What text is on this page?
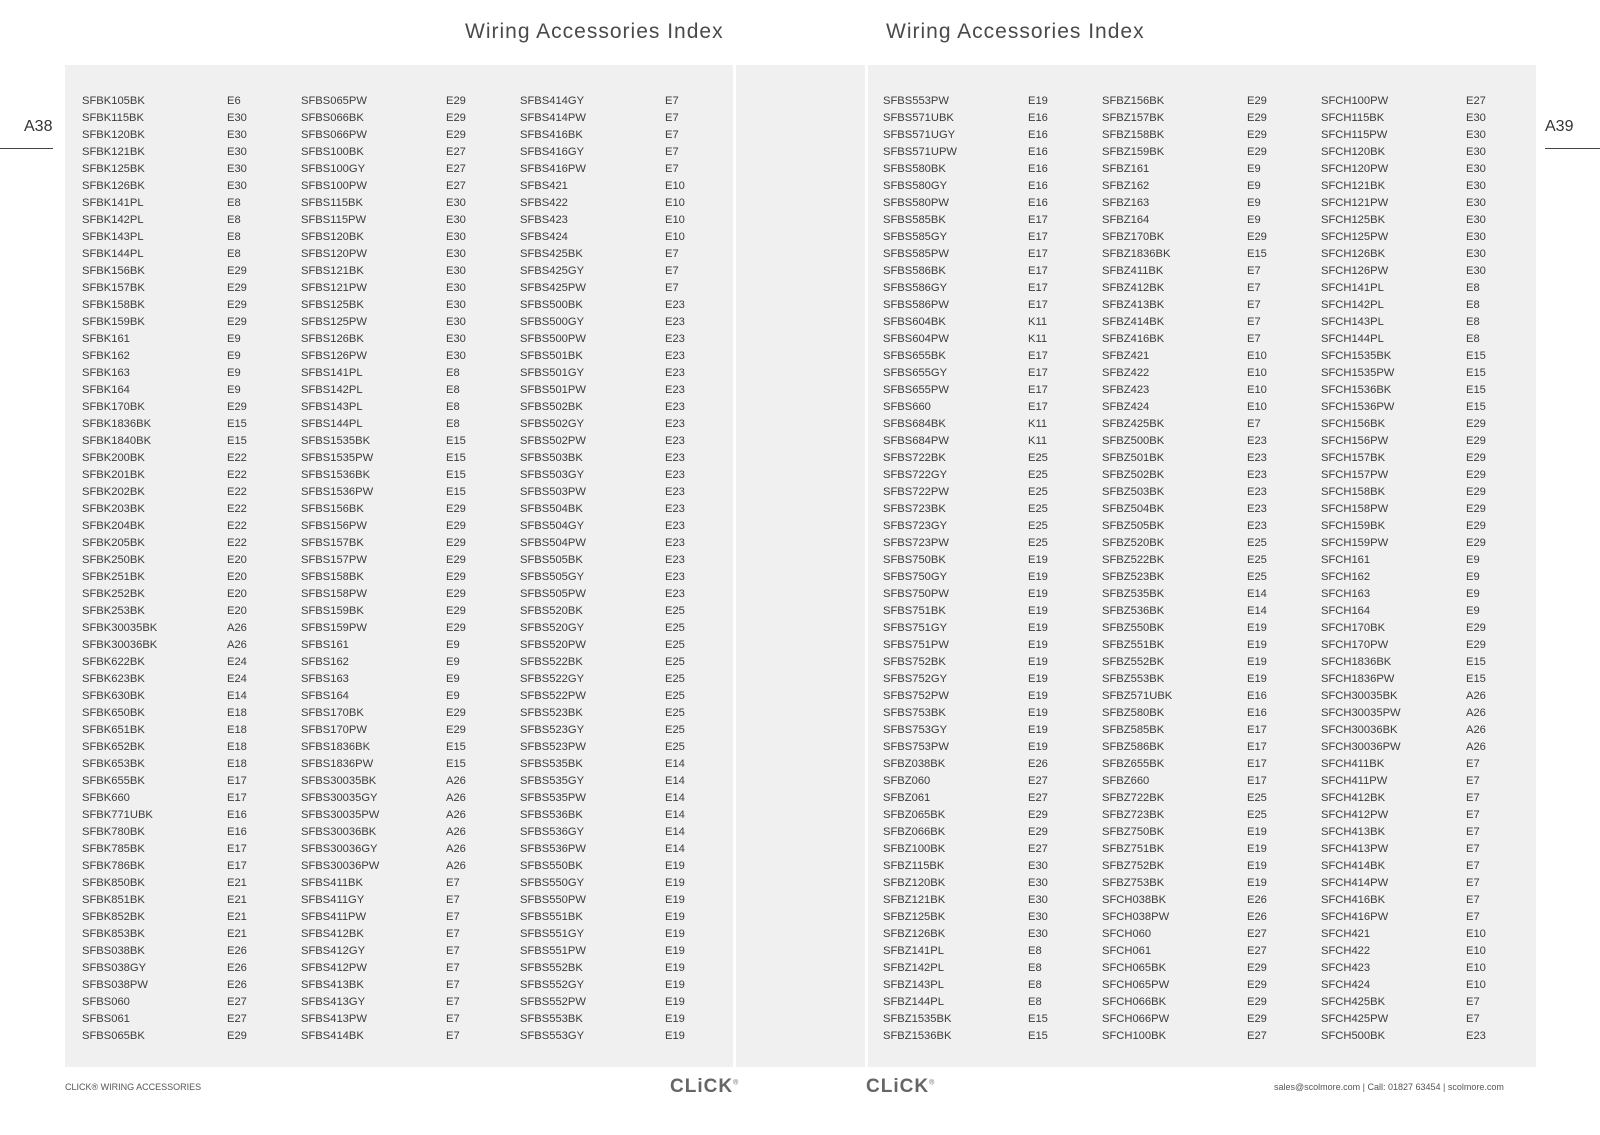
Wiring Accessories Index	Wiring Accessories Index
A38	A39
SFBK105BK	E6
SFBK115BK	E30
SFBK120BK	E30
SFBK121BK	E30
SFBK125BK	E30
SFBK126BK	E30
SFBK141PL	E8
SFBK142PL	E8
SFBK143PL	E8
SFBK144PL	E8
SFBK156BK	E29
SFBK157BK	E29
SFBK158BK	E29
SFBK159BK	E29
SFBK161	E9
SFBK162	E9
SFBK163	E9
SFBK164	E9
SFBK170BK	E29
SFBK1836BK	E15
SFBK1840BK	E15
SFBK200BK	E22
SFBK201BK	E22
SFBK202BK	E22
SFBK203BK	E22
SFBK204BK	E22
SFBK205BK	E22
SFBK250BK	E20
SFBK251BK	E20
SFBK252BK	E20
SFBK253BK	E20
SFBK30035BK	A26
SFBK30036BK	A26
SFBK622BK	E24
SFBK623BK	E24
SFBK630BK	E14
SFBK650BK	E18
SFBK651BK	E18
SFBK652BK	E18
SFBK653BK	E18
SFBK655BK	E17
SFBK660	E17
SFBK771UBK	E16
SFBK780BK	E16
SFBK785BK	E17
SFBK786BK	E17
SFBK850BK	E21
SFBK851BK	E21
SFBK852BK	E21
SFBK853BK	E21
SFBS038BK	E26
SFBS038GY	E26
SFBS038PW	E26
SFBS060	E27
SFBS061	E27
SFBS065BK	E29
SFBS065PW	E29
SFBS066BK	E29
SFBS066PW	E29
SFBS100BK	E27
SFBS100GY	E27
SFBS100PW	E27
SFBS115BK	E30
SFBS115PW	E30
SFBS120BK	E30
SFBS120PW	E30
SFBS121BK	E30
SFBS121PW	E30
SFBS125BK	E30
SFBS125PW	E30
SFBS126BK	E30
SFBS126PW	E30
SFBS141PL	E8
SFBS142PL	E8
SFBS143PL	E8
SFBS144PL	E8
SFBS1535BK	E15
SFBS1535PW	E15
SFBS1536BK	E15
SFBS1536PW	E15
SFBS156BK	E29
SFBS156PW	E29
SFBS157BK	E29
SFBS157PW	E29
SFBS158BK	E29
SFBS158PW	E29
SFBS159BK	E29
SFBS159PW	E29
SFBS161	E9
SFBS162	E9
SFBS163	E9
SFBS164	E9
SFBS170BK	E29
SFBS170PW	E29
SFBS1836BK	E15
SFBS1836PW	E15
SFBS30035BK	A26
SFBS30035GY	A26
SFBS30035PW	A26
SFBS30036BK	A26
SFBS30036GY	A26
SFBS30036PW	A26
SFBS411BK	E7
SFBS411GY	E7
SFBS411PW	E7
SFBS412BK	E7
SFBS412GY	E7
SFBS412PW	E7
SFBS413BK	E7
SFBS413GY	E7
SFBS413PW	E7
SFBS414BK	E7
SFBS414GY	E7
SFBS414PW	E7
SFBS416BK	E7
SFBS416GY	E7
SFBS416PW	E7
SFBS421	E10
SFBS422	E10
SFBS423	E10
SFBS424	E10
SFBS425BK	E7
SFBS425GY	E7
SFBS425PW	E7
SFBS500BK	E23
SFBS500GY	E23
SFBS500PW	E23
SFBS501BK	E23
SFBS501GY	E23
SFBS501PW	E23
SFBS502BK	E23
SFBS502GY	E23
SFBS502PW	E23
SFBS503BK	E23
SFBS503GY	E23
SFBS503PW	E23
SFBS504BK	E23
SFBS504GY	E23
SFBS504PW	E23
SFBS505BK	E23
SFBS505GY	E23
SFBS505PW	E23
SFBS520BK	E25
SFBS520GY	E25
SFBS520PW	E25
SFBS522BK	E25
SFBS522GY	E25
SFBS522PW	E25
SFBS523BK	E25
SFBS523GY	E25
SFBS523PW	E25
SFBS535BK	E14
SFBS535GY	E14
SFBS535PW	E14
SFBS536BK	E14
SFBS536GY	E14
SFBS536PW	E14
SFBS550BK	E19
SFBS550GY	E19
SFBS550PW	E19
SFBS551BK	E19
SFBS551GY	E19
SFBS551PW	E19
SFBS552BK	E19
SFBS552GY	E19
SFBS552PW	E19
SFBS553BK	E19
SFBS553GY	E19
SFBS553PW	E19
SFBS571UBK	E16
SFBS571UGY	E16
SFBS571UPW	E16
SFBS580BK	E16
SFBS580GY	E16
SFBS580PW	E16
SFBS585BK	E17
SFBS585GY	E17
SFBS585PW	E17
SFBS586BK	E17
SFBS586GY	E17
SFBS586PW	E17
SFBS604BK	K11
SFBS604PW	K11
SFBS655BK	E17
SFBS655GY	E17
SFBS655PW	E17
SFBS660	E17
SFBS684BK	K11
SFBS684PW	K11
SFBS722BK	E25
SFBS722GY	E25
SFBS722PW	E25
SFBS723BK	E25
SFBS723GY	E25
SFBS723PW	E25
SFBS750BK	E19
SFBS750GY	E19
SFBS750PW	E19
SFBS751BK	E19
SFBS751GY	E19
SFBS751PW	E19
SFBS752BK	E19
SFBS752GY	E19
SFBS752PW	E19
SFBS753BK	E19
SFBS753GY	E19
SFBS753PW	E19
SFBZ038BK	E26
SFBZ060	E27
SFBZ061	E27
SFBZ065BK	E29
SFBZ066BK	E29
SFBZ100BK	E27
SFBZ115BK	E30
SFBZ120BK	E30
SFBZ121BK	E30
SFBZ125BK	E30
SFBZ126BK	E30
SFBZ141PL	E8
SFBZ142PL	E8
SFBZ143PL	E8
SFBZ144PL	E8
SFBZ1535BK	E15
SFBZ1536BK	E15
SFBZ156BK	E29
SFBZ157BK	E29
SFBZ158BK	E29
SFBZ159BK	E29
SFBZ161	E9
SFBZ162	E9
SFBZ163	E9
SFBZ164	E9
SFBZ170BK	E29
SFBZ1836BK	E15
SFBZ411BK	E7
SFBZ412BK	E7
SFBZ413BK	E7
SFBZ414BK	E7
SFBZ416BK	E7
SFBZ421	E10
SFBZ422	E10
SFBZ423	E10
SFBZ424	E10
SFBZ425BK	E7
SFBZ500BK	E23
SFBZ501BK	E23
SFBZ502BK	E23
SFBZ503BK	E23
SFBZ504BK	E23
SFBZ505BK	E23
SFBZ520BK	E25
SFBZ522BK	E25
SFBZ523BK	E25
SFBZ535BK	E14
SFBZ536BK	E14
SFBZ550BK	E19
SFBZ551BK	E19
SFBZ552BK	E19
SFBZ553BK	E19
SFBZ571UBK	E16
SFBZ580BK	E16
SFBZ585BK	E17
SFBZ586BK	E17
SFBZ655BK	E17
SFBZ660	E17
SFBZ722BK	E25
SFBZ723BK	E25
SFBZ750BK	E19
SFBZ751BK	E19
SFBZ752BK	E19
SFBZ753BK	E19
SFCH038BK	E26
SFCH038PW	E26
SFCH060	E27
SFCH061	E27
SFCH065BK	E29
SFCH065PW	E29
SFCH066BK	E29
SFCH066PW	E29
SFCH100BK	E27
SFCH100PW	E27
SFCH115BK	E30
SFCH115PW	E30
SFCH120BK	E30
SFCH120PW	E30
SFCH121BK	E30
SFCH121PW	E30
SFCH125BK	E30
SFCH125PW	E30
SFCH126BK	E30
SFCH126PW	E30
SFCH141PL	E8
SFCH142PL	E8
SFCH143PL	E8
SFCH144PL	E8
SFCH1535BK	E15
SFCH1535PW	E15
SFCH1536BK	E15
SFCH1536PW	E15
SFCH156BK	E29
SFCH156PW	E29
SFCH157BK	E29
SFCH157PW	E29
SFCH158BK	E29
SFCH158PW	E29
SFCH159BK	E29
SFCH159PW	E29
SFCH161	E9
SFCH162	E9
SFCH163	E9
SFCH164	E9
SFCH170BK	E29
SFCH170PW	E29
SFCH1836BK	E15
SFCH1836PW	E15
SFCH30035BK	A26
SFCH30035PW	A26
SFCH30036BK	A26
SFCH30036PW	A26
SFCH411BK	E7
SFCH411PW	E7
SFCH412BK	E7
SFCH412PW	E7
SFCH413BK	E7
SFCH413PW	E7
SFCH414BK	E7
SFCH414PW	E7
SFCH416BK	E7
SFCH416PW	E7
SFCH421	E10
SFCH422	E10
SFCH423	E10
SFCH424	E10
SFCH425BK	E7
SFCH425PW	E7
SFCH500BK	E23
CLICK® WIRING ACCESSORIES	CLiCK®	CLiCK®	sales@scolmore.com | Call: 01827 63454 | scolmore.com
